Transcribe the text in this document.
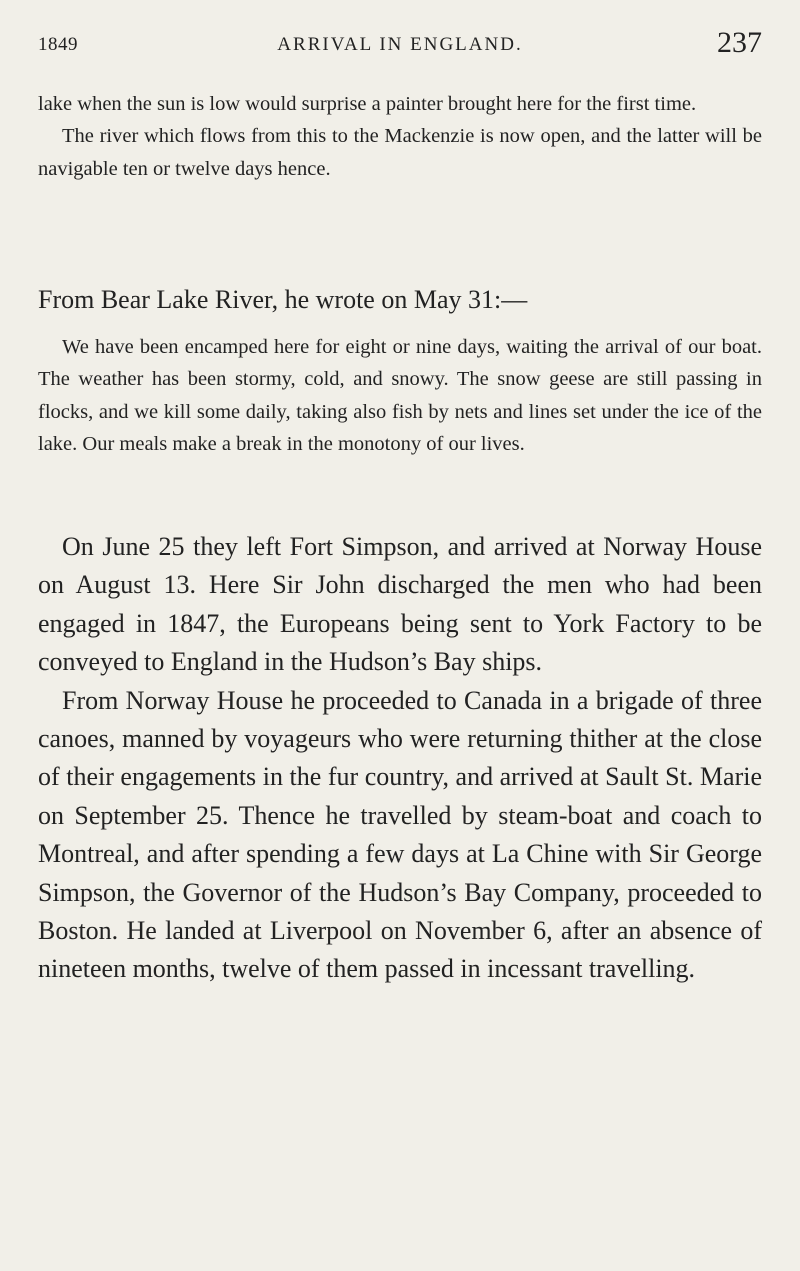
1849	ARRIVAL IN ENGLAND.	237

lake when the sun is low would surprise a painter brought here for the first time.

The river which flows from this to the Mackenzie is now open, and the latter will be navigable ten or twelve days hence.

From Bear Lake River, he wrote on May 31:—

We have been encamped here for eight or nine days, waiting the arrival of our boat. The weather has been stormy, cold, and snowy. The snow geese are still passing in flocks, and we kill some daily, taking also fish by nets and lines set under the ice of the lake. Our meals make a break in the monotony of our lives.

On June 25 they left Fort Simpson, and arrived at Norway House on August 13. Here Sir John discharged the men who had been engaged in 1847, the Europeans being sent to York Factory to be conveyed to England in the Hudson’s Bay ships.

From Norway House he proceeded to Canada in a brigade of three canoes, manned by voyageurs who were returning thither at the close of their engagements in the fur country, and arrived at Sault St. Marie on September 25. Thence he travelled by steam-boat and coach to Montreal, and after spending a few days at La Chine with Sir George Simpson, the Governor of the Hudson’s Bay Company, proceeded to Boston. He landed at Liverpool on November 6, after an absence of nineteen months, twelve of them passed in incessant travelling.
